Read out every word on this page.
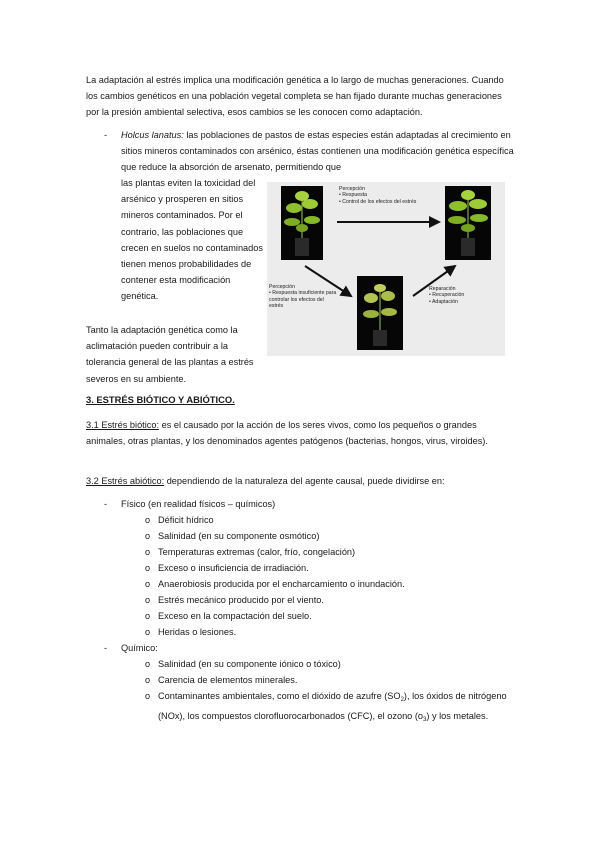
La adaptación al estrés implica una modificación genética a lo largo de muchas generaciones. Cuando los cambios genéticos en una población vegetal completa se han fijado durante muchas generaciones por la presión ambiental selectiva, esos cambios se les conocen como adaptación.
- Holcus lanatus: las poblaciones de pastos de estas especies están adaptadas al crecimiento en sitios mineros contaminados con arsénico, éstas contienen una modificación genética específica que reduce la absorción de arsenato, permitiendo que
las plantas eviten la toxicidad del arsénico y prosperen en sitios mineros contaminados. Por el contrario, las poblaciones que crecen en suelos no contaminados tienen menos probabilidades de contener esta modificación genética.
Tanto la adaptación genética como la aclimatación pueden contribuir a la tolerancia general de las plantas a estrés severos en su ambiente.
Percepción
• Respuesta
• Control de los efectos del estrés
Percepción
• Respuesta insuficiente para
controlar los efectos del
estrés
Reparación
• Recuperación
• Adaptación
3. ESTRÉS BIÓTICO Y ABIÓTICO.
3.1 Estrés biótico: es el causado por la acción de los seres vivos, como los pequeños o grandes animales, otras plantas, y los denominados agentes patógenos (bacterias, hongos, virus, viroides).
3.2 Estrés abiótico: dependiendo de la naturaleza del agente causal, puede dividirse en:
- Físico (en realidad físicos – químicos)
o Déficit hídrico
o Salinidad (en su componente osmótico)
o Temperaturas extremas (calor, frío, congelación)
o Exceso o insuficiencia de irradiación.
o Anaerobiosis producida por el encharcamiento o inundación.
o Estrés mecánico producido por el viento.
o Exceso en la compactación del suelo.
o Heridas o lesiones.
- Químico:
o Salinidad (en su componente iónico o tóxico)
o Carencia de elementos minerales.
o Contaminantes ambientales, como el dióxido de azufre $(SO_2)$, los óxidos de nitrógeno (NOx), los compuestos clorofluorocarbonados (CFC), el ozono $(o_3)$ y los metales.
